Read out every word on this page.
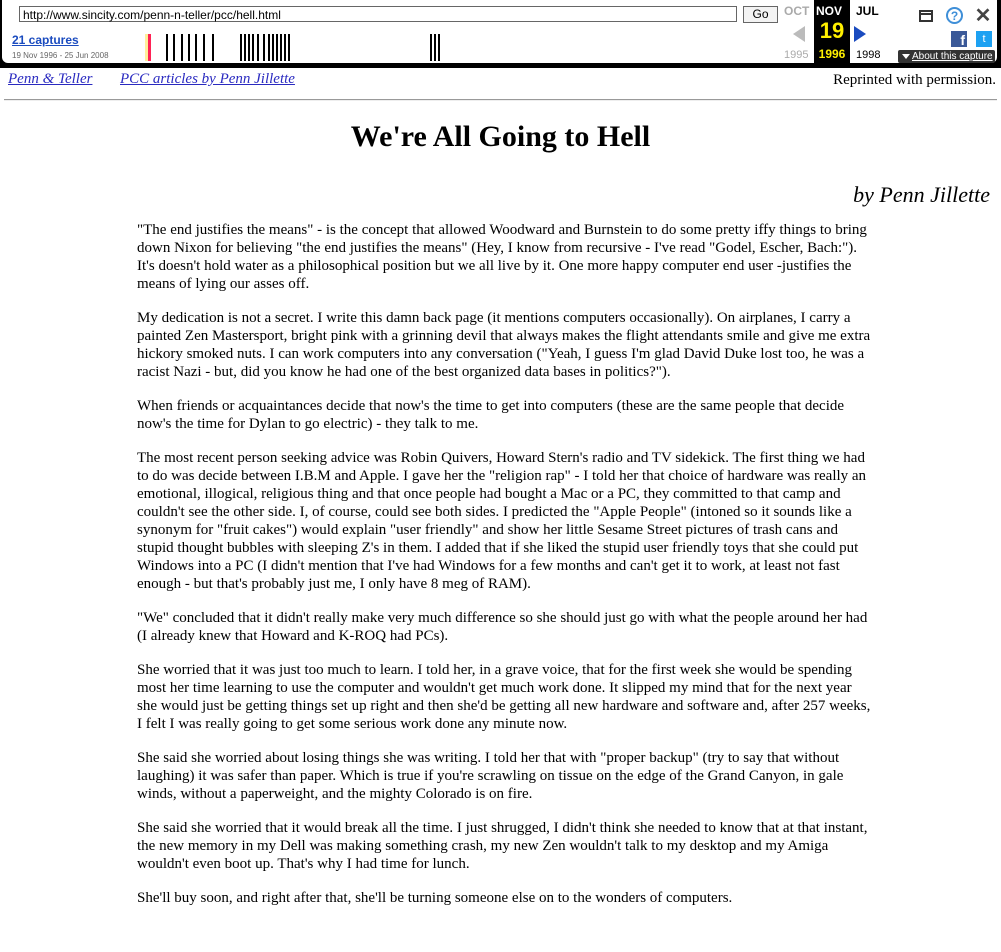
http://www.sincity.com/penn-n-teller/pcc/hell.html	Go
21 captures
19 Nov 1996 - 25 Jun 2008
OCT NOV JUL
19
1995 1996 1998
? ✕
f	t
About this capture
Penn & Teller PCC articles by Penn Jillette	Reprinted with permission.
We're All Going to Hell
by Penn Jillette

"The end justifies the means" - is the concept that allowed Woodward and Burnstein to do some pretty iffy things to bring down Nixon for believing "the end justifies the means" (Hey, I know from recursive - I've read "Godel, Escher, Bach:"). It's doesn't hold water as a philosophical position but we all live by it. One more happy computer end user -justifies the means of lying our asses off.

My dedication is not a secret. I write this damn back page (it mentions computers occasionally). On airplanes, I carry a painted Zen Mastersport, bright pink with a grinning devil that always makes the flight attendants smile and give me extra hickory smoked nuts. I can work computers into any conversation ("Yeah, I guess I'm glad David Duke lost too, he was a racist Nazi - but, did you know he had one of the best organized data bases in politics?").

When friends or acquaintances decide that now's the time to get into computers (these are the same people that decide now's the time for Dylan to go electric) - they talk to me.

The most recent person seeking advice was Robin Quivers, Howard Stern's radio and TV sidekick. The first thing we had to do was decide between I.B.M and Apple. I gave her the "religion rap" - I told her that choice of hardware was really an emotional, illogical, religious thing and that once people had bought a Mac or a PC, they committed to that camp and couldn't see the other side. I, of course, could see both sides. I predicted the "Apple People" (intoned so it sounds like a synonym for "fruit cakes") would explain "user friendly" and show her little Sesame Street pictures of trash cans and stupid thought bubbles with sleeping Z's in them. I added that if she liked the stupid user friendly toys that she could put Windows into a PC (I didn't mention that I've had Windows for a few months and can't get it to work, at least not fast enough - but that's probably just me, I only have 8 meg of RAM).

"We" concluded that it didn't really make very much difference so she should just go with what the people around her had (I already knew that Howard and K-ROQ had PCs).

She worried that it was just too much to learn. I told her, in a grave voice, that for the first week she would be spending most her time learning to use the computer and wouldn't get much work done. It slipped my mind that for the next year she would just be getting things set up right and then she'd be getting all new hardware and software and, after 257 weeks, I felt I was really going to get some serious work done any minute now.

She said she worried about losing things she was writing. I told her that with "proper backup" (try to say that without laughing) it was safer than paper. Which is true if you're scrawling on tissue on the edge of the Grand Canyon, in gale winds, without a paperweight, and the mighty Colorado is on fire.

She said she worried that it would break all the time. I just shrugged, I didn't think she needed to know that at that instant, the new memory in my Dell was making something crash, my new Zen wouldn't talk to my desktop and my Amiga wouldn't even boot up. That's why I had time for lunch.

She'll buy soon, and right after that, she'll be turning someone else on to the wonders of computers.
